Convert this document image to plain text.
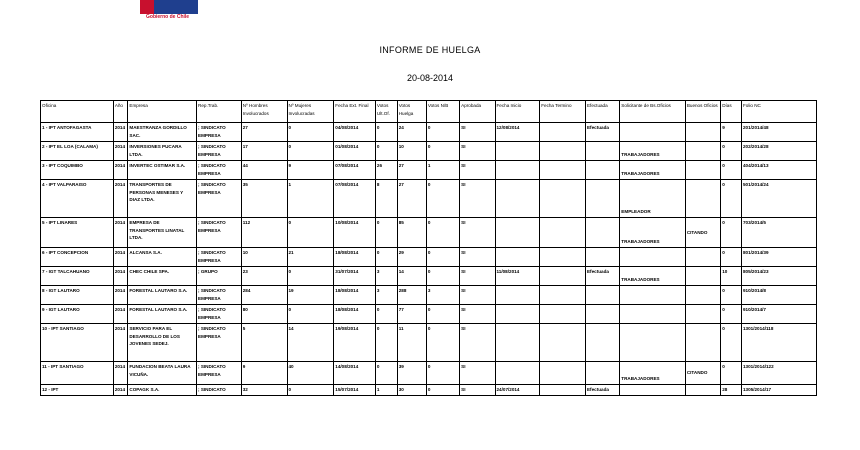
Gobierno de Chile
INFORME DE HUELGA
20-08-2014
Oficina	Año	Empresa	Rep.Trab.	Nº Hombres Involucrados	Nº Mujeres Involucradas	Fecha Ext. Final	Votos Ult.Of.	Votos Huelga	Votos N/B	Aprobada	Fecha Inicio	Fecha Termino	Efectuada	Solicitante de Bs.Oficios	Buenos Oficios	Días	Folio NC
1 - IPT ANTOFAGASTA	2014	MAESTRANZA GORDILLO SAC.	; SINDICATO EMPRESA	27	0	04/08/2014	0	24	0	SI	12/08/2014		Efectuada			9	201/2014/48
2 - IPT EL LOA (CALAMA)	2014	INVERSIONES PUCARA LTDA.	; SINDICATO EMPRESA	17	0	01/08/2014	0	10	0	SI				TRABAJADORES		0	202/2014/28
3 - IPT COQUIMBO	2014	INVERTEC OSTIMAR S.A.	; SINDICATO EMPRESA	44	9	07/08/2014	26	27	1	SI				TRABAJADORES		0	404/2014/13
4 - IPT VALPARAISO	2014	TRANSPORTES DE PERSONAS MENESES Y DIAZ LTDA.	; SINDICATO EMPRESA	35	1	07/08/2014	8	27	0	SI				EMPLEADOR		0	501/2014/24
5 - IPT LINARES	2014	EMPRESA DE TRANSPORTES LINATAL LTDA.	; SINDICATO EMPRESA	112	0	10/08/2014	0	85	0	SI				TRABAJADORES	CITANDO	0	703/2014/5
6 - IPT CONCEPCION	2014	ALCANSA S.A.	; SINDICATO EMPRESA	10	21	18/08/2014	0	29	0	SI						0	801/2014/39
7 - IGT TALCAHUANO	2014	CHEC CHILE SPA.	; GRUPO	23	0	31/07/2014	3	14	0	SI	11/08/2014		Efectuada	TRABAJADORES		10	805/2014/23
8 - IGT LAUTARO	2014	FORESTAL LAUTARO S.A.	; SINDICATO EMPRESA	284	19	18/08/2014	3	288	3	SI						0	910/2014/8
9 - IGT LAUTARO	2014	FORESTAL LAUTARO S.A.	; SINDICATO EMPRESA	80	0	18/08/2014	0	77	0	SI						0	910/2014/7
10 - IPT SANTIAGO	2014	SERVICIO PARA EL DESARROLLO DE LOS JOVENES SEDEJ.	; SINDICATO EMPRESA	5	14	19/08/2014	0	11	0	SI						0	1301/2014/118
11 - IPT SANTIAGO	2014	FUNDACION BEATA LAURA VICUÑA.	; SINDICATO EMPRESA	9	40	14/08/2014	0	39	0	SI				TRABAJADORES	CITANDO	0	1301/2014/122
12 - IPT	2014	COPAGK S.A.	; SINDICATO	32	0	15/07/2014	1	30	0	SI	24/07/2014		Efectuada			28	1305/2014/17
